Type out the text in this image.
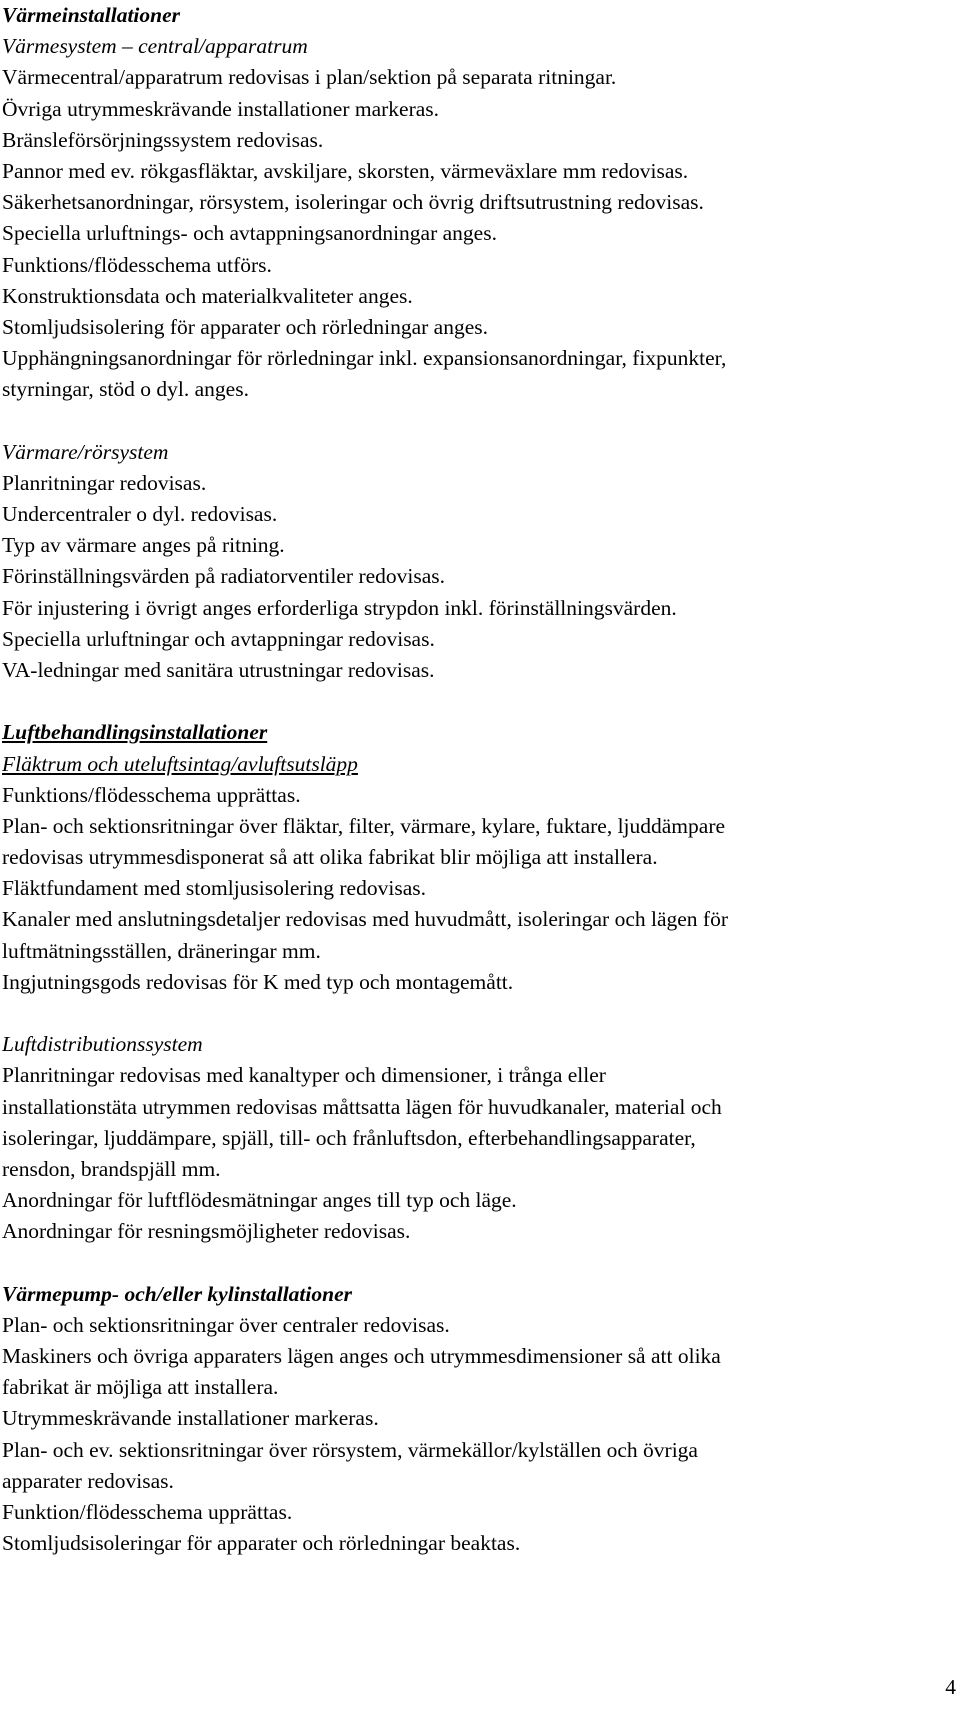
Värmeinstallationer
Värmesystem – central/apparatrum
Värmecentral/apparatrum redovisas i plan/sektion på separata ritningar.
Övriga utrymmeskrävande installationer markeras.
Bränsleförsörjningssystem redovisas.
Pannor med ev. rökgasfläktar, avskiljare, skorsten, värmeväxlare mm redovisas.
Säkerhetsanordningar, rörsystem, isoleringar och övrig driftsutrustning redovisas.
Speciella urluftnings- och avtappningsanordningar anges.
Funktions/flödesschema utförs.
Konstruktionsdata och materialkvaliteter anges.
Stomljudsisolering för apparater och rörledningar anges.
Upphängningsanordningar för rörledningar inkl. expansionsanordningar, fixpunkter,
styrningar, stöd o dyl. anges.
Värmare/rörsystem
Planritningar redovisas.
Undercentraler o dyl. redovisas.
Typ av värmare anges på ritning.
Förinställningsvärden på radiatorventiler redovisas.
För injustering i övrigt anges erforderliga strypdon inkl. förinställningsvärden.
Speciella urluftningar och avtappningar redovisas.
VA-ledningar med sanitära utrustningar redovisas.
Luftbehandlingsinstallationer
Fläktrum och uteluftsintag/avluftsutsläpp
Funktions/flödesschema upprättas.
Plan- och sektionsritningar över fläktar, filter, värmare, kylare, fuktare, ljuddämpare
redovisas utrymmesdisponerat så att olika fabrikat blir möjliga att installera.
Fläktfundament med stomljusisolering redovisas.
Kanaler med anslutningsdetaljer redovisas med huvudmått, isoleringar och lägen för
luftmätningsställen, dräneringar mm.
Ingjutningsgods redovisas för K med typ och montagemått.
Luftdistributionssystem
Planritningar redovisas med kanaltyper och dimensioner, i trånga eller
installationstäta utrymmen redovisas måttsatta lägen för huvudkanaler, material och
isoleringar, ljuddämpare, spjäll, till- och frånluftsdon, efterbehandlingsapparater,
rensdon, brandspjäll mm.
Anordningar för luftflödesmätningar anges till typ och läge.
Anordningar för resningsmöjligheter redovisas.
Värmepump- och/eller kylinstallationer
Plan- och sektionsritningar över centraler redovisas.
Maskiners och övriga apparaters lägen anges och utrymmesdimensioner så att olika
fabrikat är möjliga att installera.
Utrymmeskrävande installationer markeras.
Plan- och ev. sektionsritningar över rörsystem, värmekällor/kylställen och övriga
apparater redovisas.
Funktion/flödesschema upprättas.
Stomljudsisoleringar för apparater och rörledningar beaktas.
4
